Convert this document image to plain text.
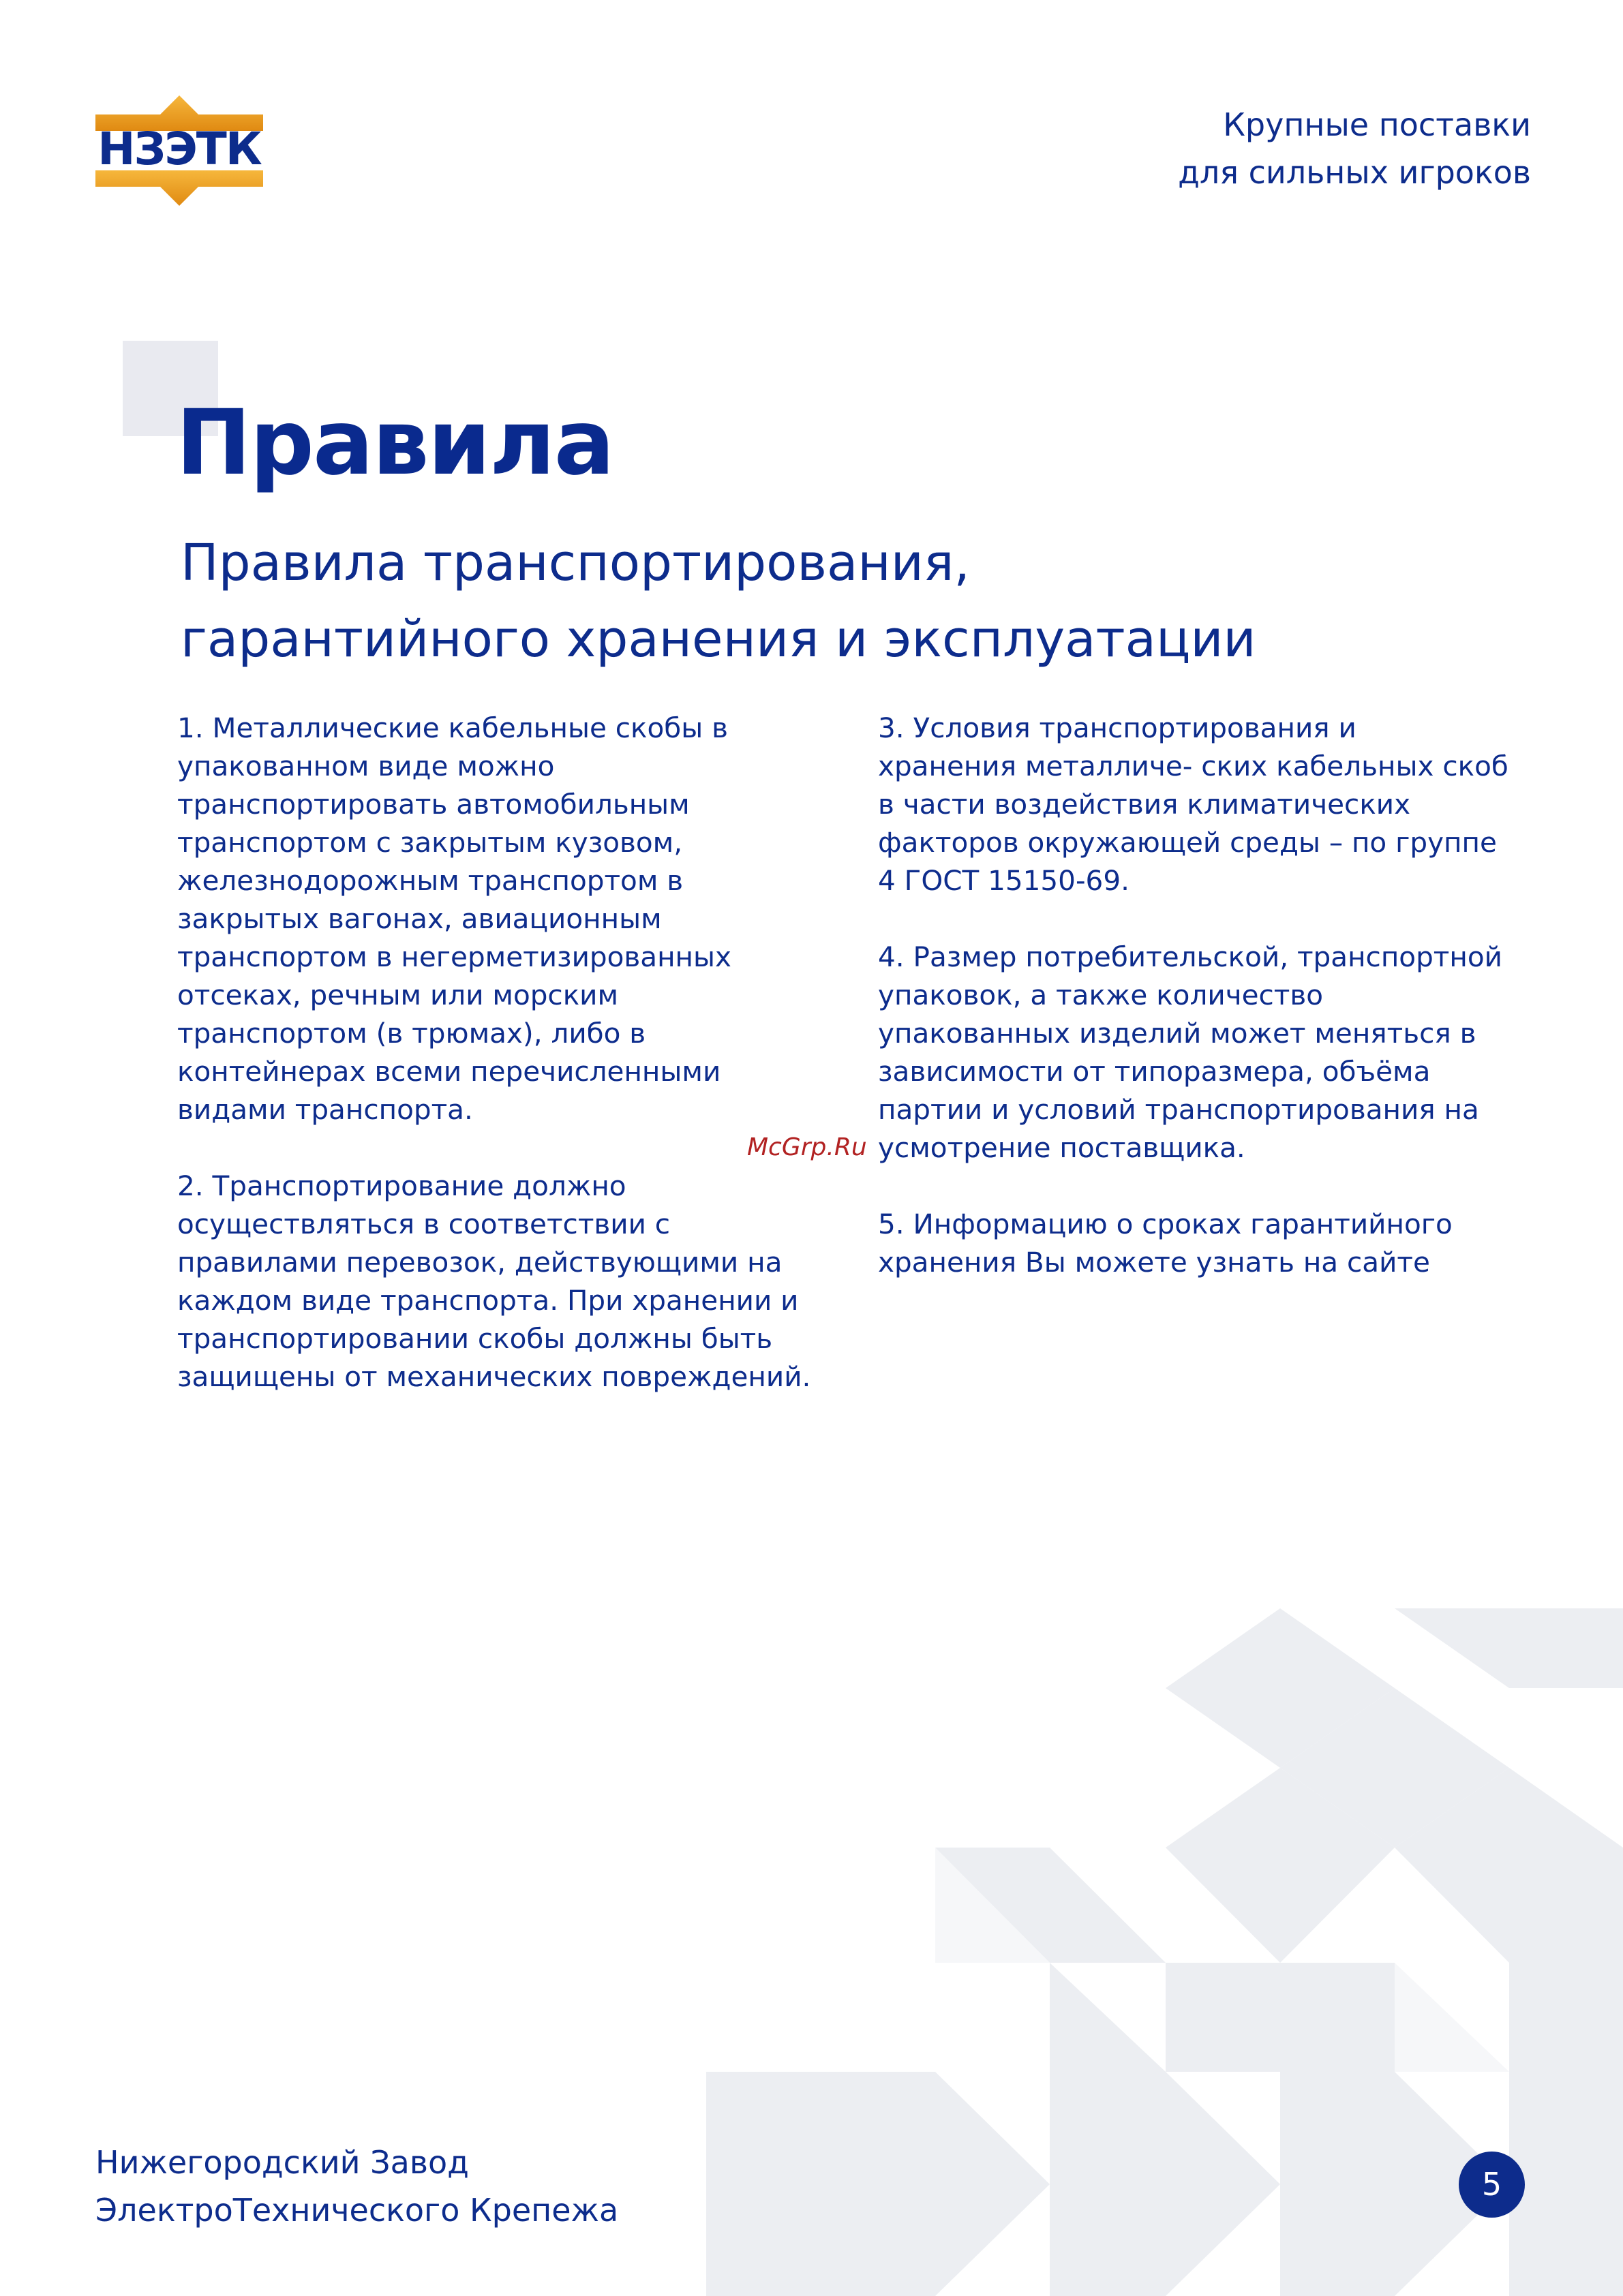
НЗЭТК	Крупные поставки
для сильных игроков
Правила
Правила транспортирования,
гарантийного хранения и эксплуатации

1. Металлические кабельные скобы в
упакованном виде можно
транспортировать автомобильным
транспортом с закрытым кузовом,
железнодорожным транспортом в
закрытых вагонах, авиационным
транспортом в негерметизированных
отсеках, речным или морским
транспортом (в трюмах), либо в
контейнерах всеми перечисленными
видами транспорта.

2. Транспортирование должно
осуществляться в соответствии с
правилами перевозок, действующими на
каждом виде транспорта. При хранении и
транспортировании скобы должны быть
защищены от механических повреждений.

3. Условия транспортирования и
хранения металличе- ских кабельных скоб
в части воздействия климатических
факторов окружающей среды – по группе
4 ГОСТ 15150-69.

4. Размер потребительской, транспортной
упаковок, а также количество
упакованных изделий может меняться в
зависимости от типоразмера, объёма
партии и условий транспортирования на
усмотрение поставщика.

5. Информацию о сроках гарантийного
хранения Вы можете узнать на сайте

McGrp.Ru
Нижегородский Завод
ЭлектроТехнического Крепежа
5
